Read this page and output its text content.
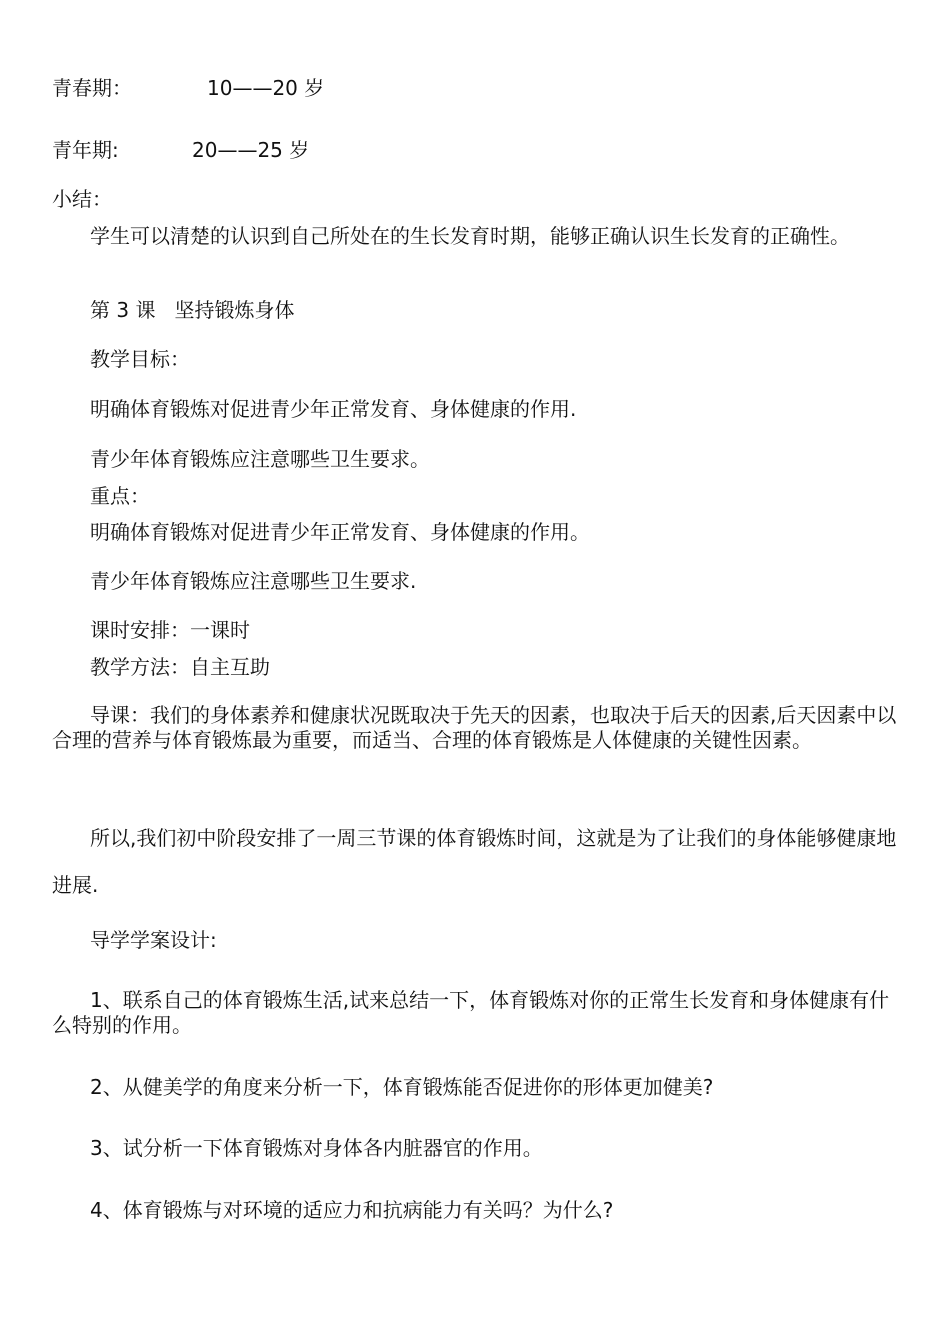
青春期：	10——20 岁
青年期:	20——25 岁
小结：
学生可以清楚的认识到自己所处在的生长发育时期，能够正确认识生长发育的正确性。
第 3 课   坚持锻炼身体
教学目标：
明确体育锻炼对促进青少年正常发育、身体健康的作用.
青少年体育锻炼应注意哪些卫生要求。
重点：
明确体育锻炼对促进青少年正常发育、身体健康的作用。
青少年体育锻炼应注意哪些卫生要求.
课时安排：一课时
教学方法：自主互助
导课：我们的身体素养和健康状况既取决于先天的因素，也取决于后天的因素,后天因素中以合理的营养与体育锻炼最为重要，而适当、合理的体育锻炼是人体健康的关键性因素。
所以,我们初中阶段安排了一周三节课的体育锻炼时间，这就是为了让我们的身体能够健康地进展.
导学学案设计:
1、联系自己的体育锻炼生活,试来总结一下，体育锻炼对你的正常生长发育和身体健康有什么特别的作用。
2、从健美学的角度来分析一下，体育锻炼能否促进你的形体更加健美?
3、试分析一下体育锻炼对身体各内脏器官的作用。
4、体育锻炼与对环境的适应力和抗病能力有关吗？为什么?
